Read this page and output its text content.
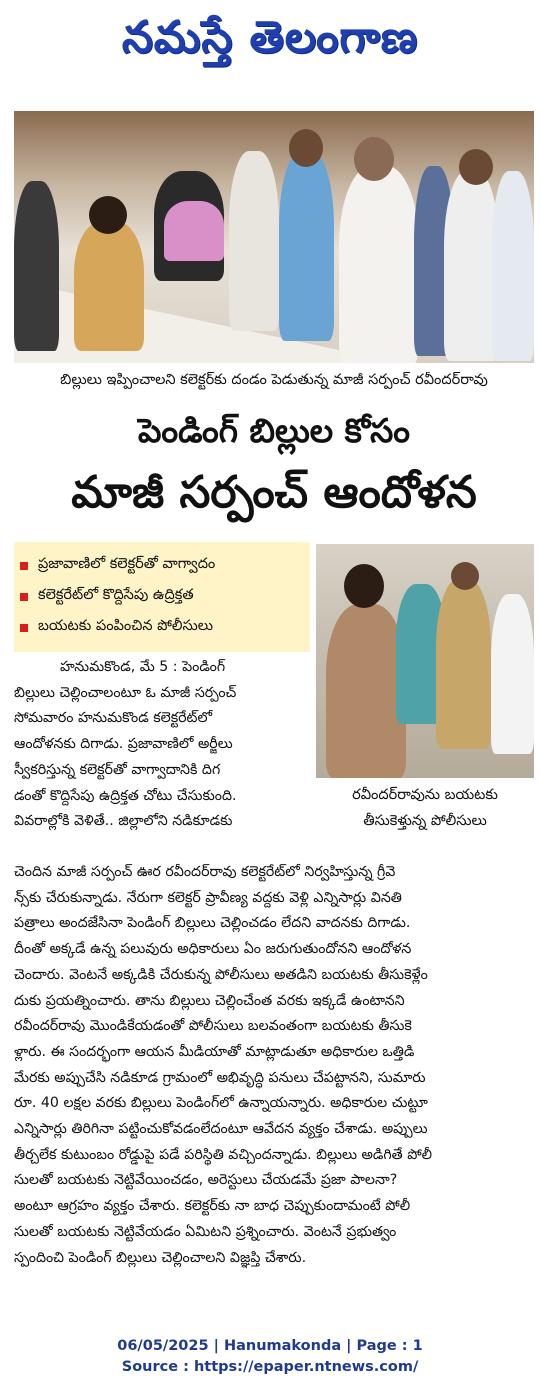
నమస్తే తెలంగాణ
బిల్లులు ఇప్పించాలని కలెక్టర్‌కు దండం పెడుతున్న మాజీ సర్పంచ్ రవీందర్‌రావు
పెండింగ్ బిల్లుల కోసం
మాజీ సర్పంచ్ ఆందోళన
ప్రజావాణిలో కలెక్టర్‌తో వాగ్వాదం
కలెక్టరేట్‌లో కొద్దిసేపు ఉద్రిక్తత
బయటకు పంపించిన పోలీసులు
రవీందర్‌రావును బయటకు
తీసుకెళ్తున్న పోలీసులు

హనుమకొండ, మే 5 : పెండింగ్

బిల్లులు చెల్లించాలంటూ ఓ మాజీ సర్పంచ్

సోమవారం హనుమకొండ కలెక్టరేట్‌లో

ఆందోళనకు దిగాడు. ప్రజావాణిలో అర్జీలు

స్వీకరిస్తున్న కలెక్టర్‌తో వాగ్వాదానికి దిగ

డంతో కొద్దిసేపు ఉద్రిక్తత చోటు చేసుకుంది.

వివరాల్లోకి వెళితే.. జిల్లాలోని నడికూడకు

చెందిన మాజీ సర్పంచ్ ఊర రవీందర్‌రావు కలెక్టరేట్‌లో నిర్వహిస్తున్న గ్రీవె

న్స్‌కు చేరుకున్నాడు. నేరుగా కలెక్టర్ ప్రావీణ్య వద్దకు వెళ్లి ఎన్నిసార్లు వినతి

పత్రాలు అందజేసినా పెండింగ్ బిల్లులు చెల్లించడం లేదని వాదనకు దిగాడు.

దీంతో అక్కడే ఉన్న పలువురు అధికారులు ఏం జరుగుతుందోనని ఆందోళన

చెందారు. వెంటనే అక్కడికి చేరుకున్న పోలీసులు అతడిని బయటకు తీసుకెళ్లేం

దుకు ప్రయత్నించారు. తాను బిల్లులు చెల్లించేంత వరకు ఇక్కడే ఉంటానని

రవీందర్‌రావు మొండికేయడంతో పోలీసులు బలవంతంగా బయటకు తీసుకె

ళ్లారు. ఈ సందర్భంగా ఆయన మీడియాతో మాట్లాడుతూ అధికారుల ఒత్తిడి

మేరకు అప్పుచేసి నడికూడ గ్రామంలో అభివృద్ధి పనులు చేపట్టానని, సుమారు

రూ. 40 లక్షల వరకు బిల్లులు పెండింగ్‌లో ఉన్నాయన్నారు. అధికారుల చుట్టూ

ఎన్నిసార్లు తిరిగినా పట్టించుకోవడంలేదంటూ ఆవేదన వ్యక్తం చేశాడు. అప్పులు

తీర్చలేక కుటుంబం రోడ్డుపై పడే పరిస్థితి వచ్చిందన్నాడు. బిల్లులు అడిగితే పోలీ

సులతో బయటకు నెట్టివేయించడం, అరెస్టులు చేయడమే ప్రజా పాలనా?

అంటూ ఆగ్రహం వ్యక్తం చేశారు. కలెక్టర్‌కు నా బాధ చెప్పుకుందామంటే పోలీ

సులతో బయటకు నెట్టివేయడం ఏమిటని ప్రశ్నించారు. వెంటనే ప్రభుత్వం

స్పందించి పెండింగ్ బిల్లులు చెల్లించాలని విజ్ఞప్తి చేశారు.

06/05/2025 | Hanumakonda | Page : 1
Source : https://epaper.ntnews.com/
